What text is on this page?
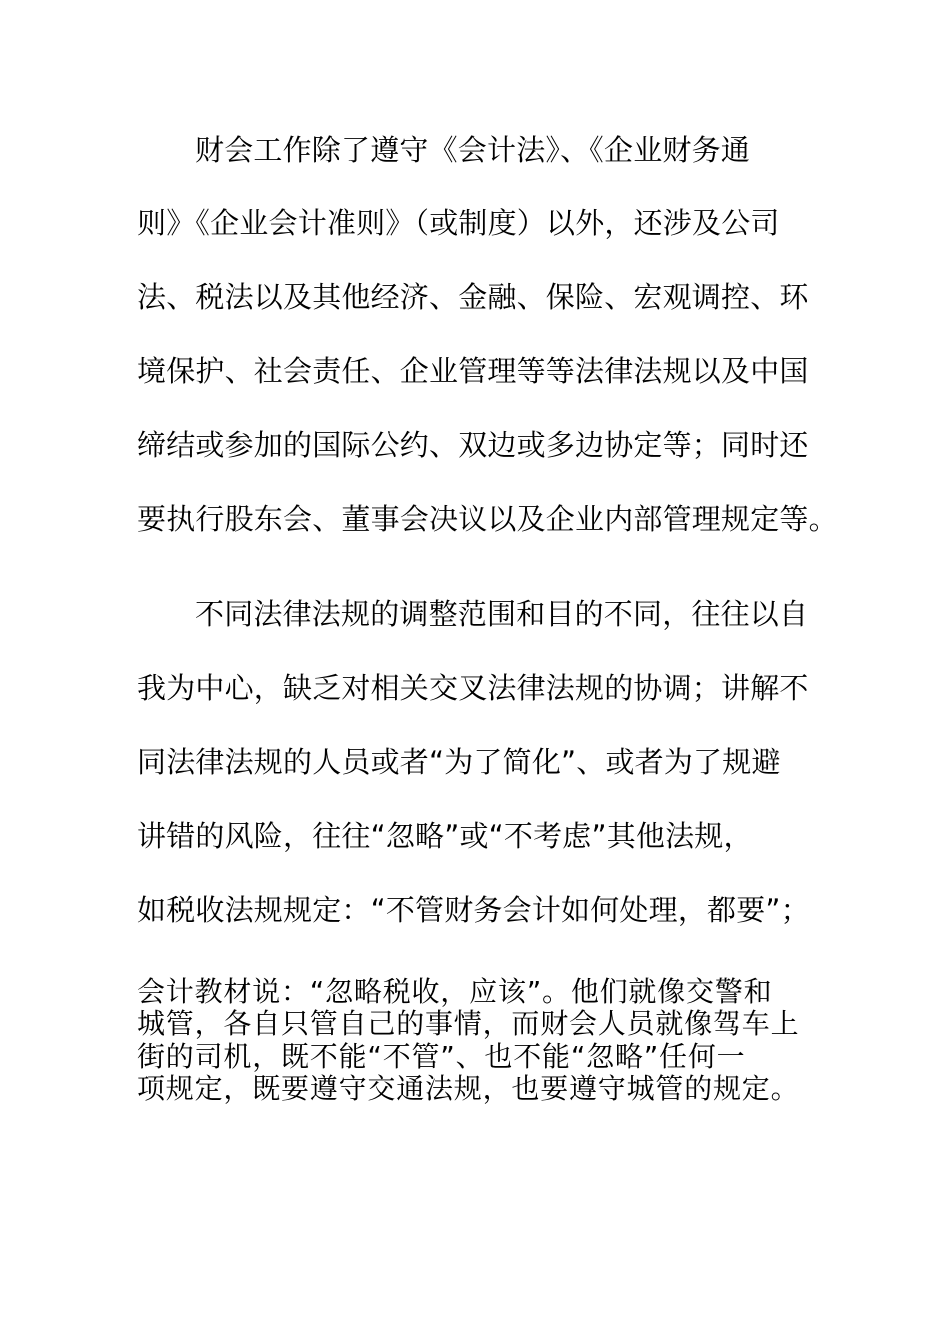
财会工作除了遵守《会计法》、《企业财务通
则》《企业会计准则》（或制度）以外，还涉及公司
法、税法以及其他经济、金融、保险、宏观调控、环
境保护、社会责任、企业管理等等法律法规以及中国
缔结或参加的国际公约、双边或多边协定等；同时还
要执行股东会、董事会决议以及企业内部管理规定等。
不同法律法规的调整范围和目的不同，往往以自
我为中心，缺乏对相关交叉法律法规的协调；讲解不
同法律法规的人员或者“为了简化”、或者为了规避
讲错的风险，往往“忽略”或“不考虑”其他法规，
如税收法规规定：“不管财务会计如何处理，都要”；
会计教材说：“忽略税收，应该”。他们就像交警和
城管，各自只管自己的事情，而财会人员就像驾车上
街的司机，既不能“不管”、也不能“忽略”任何一
项规定，既要遵守交通法规，也要遵守城管的规定。
